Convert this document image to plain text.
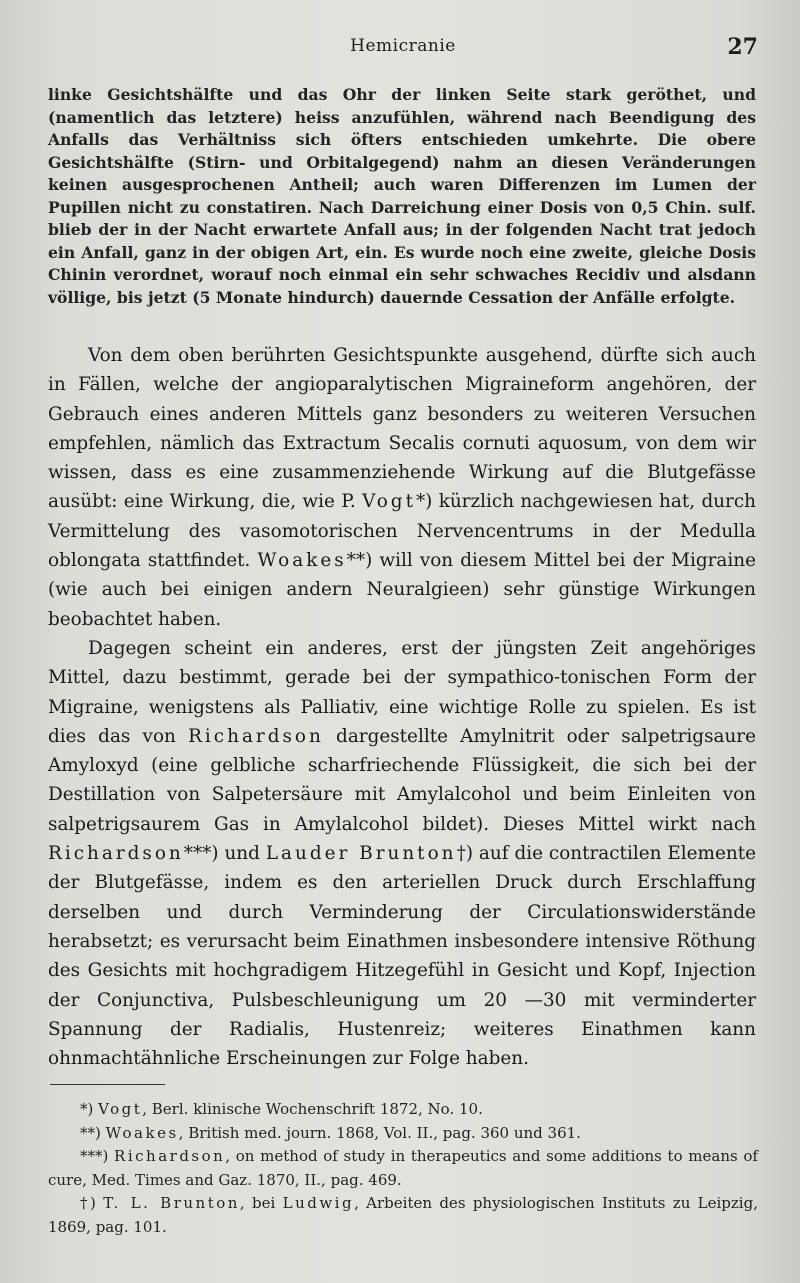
Hemicranie	27
linke Gesichtshälfte und das Ohr der linken Seite stark geröthet, und (namentlich das letztere) heiss anzufühlen, während nach Beendigung des Anfalls das Verhältniss sich öfters entschieden umkehrte. Die obere Gesichtshälfte (Stirn- und Orbitalgegend) nahm an diesen Veränderungen keinen ausgesprochenen Antheil; auch waren Differenzen im Lumen der Pupillen nicht zu constatiren. Nach Darreichung einer Dosis von 0,5 Chin. sulf. blieb der in der Nacht erwartete Anfall aus; in der folgenden Nacht trat jedoch ein Anfall, ganz in der obigen Art, ein. Es wurde noch eine zweite, gleiche Dosis Chinin verordnet, worauf noch einmal ein sehr schwaches Recidiv und alsdann völlige, bis jetzt (5 Monate hindurch) dauernde Cessation der Anfälle erfolgte.

Von dem oben berührten Gesichtspunkte ausgehend, dürfte sich auch in Fällen, welche der angioparalytischen Migraineform angehören, der Gebrauch eines anderen Mittels ganz besonders zu weiteren Versuchen empfehlen, nämlich das Extractum Secalis cornuti aquosum, von dem wir wissen, dass es eine zusammenziehende Wirkung auf die Blutgefässe ausübt: eine Wirkung, die, wie P. Vogt*) kürzlich nachgewiesen hat, durch Vermittelung des vasomotorischen Nervencentrums in der Medulla oblongata stattfindet. Woakes**) will von diesem Mittel bei der Migraine (wie auch bei einigen andern Neuralgieen) sehr günstige Wirkungen beobachtet haben.

Dagegen scheint ein anderes, erst der jüngsten Zeit angehöriges Mittel, dazu bestimmt, gerade bei der sympathico-tonischen Form der Migraine, wenigstens als Palliativ, eine wichtige Rolle zu spielen. Es ist dies das von Richardson dargestellte Amylnitrit oder salpetrigsaure Amyloxyd (eine gelbliche scharfriechende Flüssigkeit, die sich bei der Destillation von Salpetersäure mit Amylalcohol und beim Einleiten von salpetrigsaurem Gas in Amylalcohol bildet). Dieses Mittel wirkt nach Richardson***) und Lauder Brunton†) auf die contractilen Elemente der Blutgefässe, indem es den arteriellen Druck durch Erschlaffung derselben und durch Verminderung der Circulationswiderstände herabsetzt; es verursacht beim Einathmen insbesondere intensive Röthung des Gesichts mit hochgradigem Hitzegefühl in Gesicht und Kopf, Injection der Conjunctiva, Pulsbeschleunigung um 20 —30 mit verminderter Spannung der Radialis, Hustenreiz; weiteres Einathmen kann ohnmachtähnliche Erscheinungen zur Folge haben.

*) Vogt, Berl. klinische Wochenschrift 1872, No. 10.

**) Woakes, British med. journ. 1868, Vol. II., pag. 360 und 361.

***) Richardson, on method of study in therapeutics and some additions to means of cure, Med. Times and Gaz. 1870, II., pag. 469.

†) T. L. Brunton, bei Ludwig, Arbeiten des physiologischen Instituts zu Leipzig, 1869, pag. 101.
